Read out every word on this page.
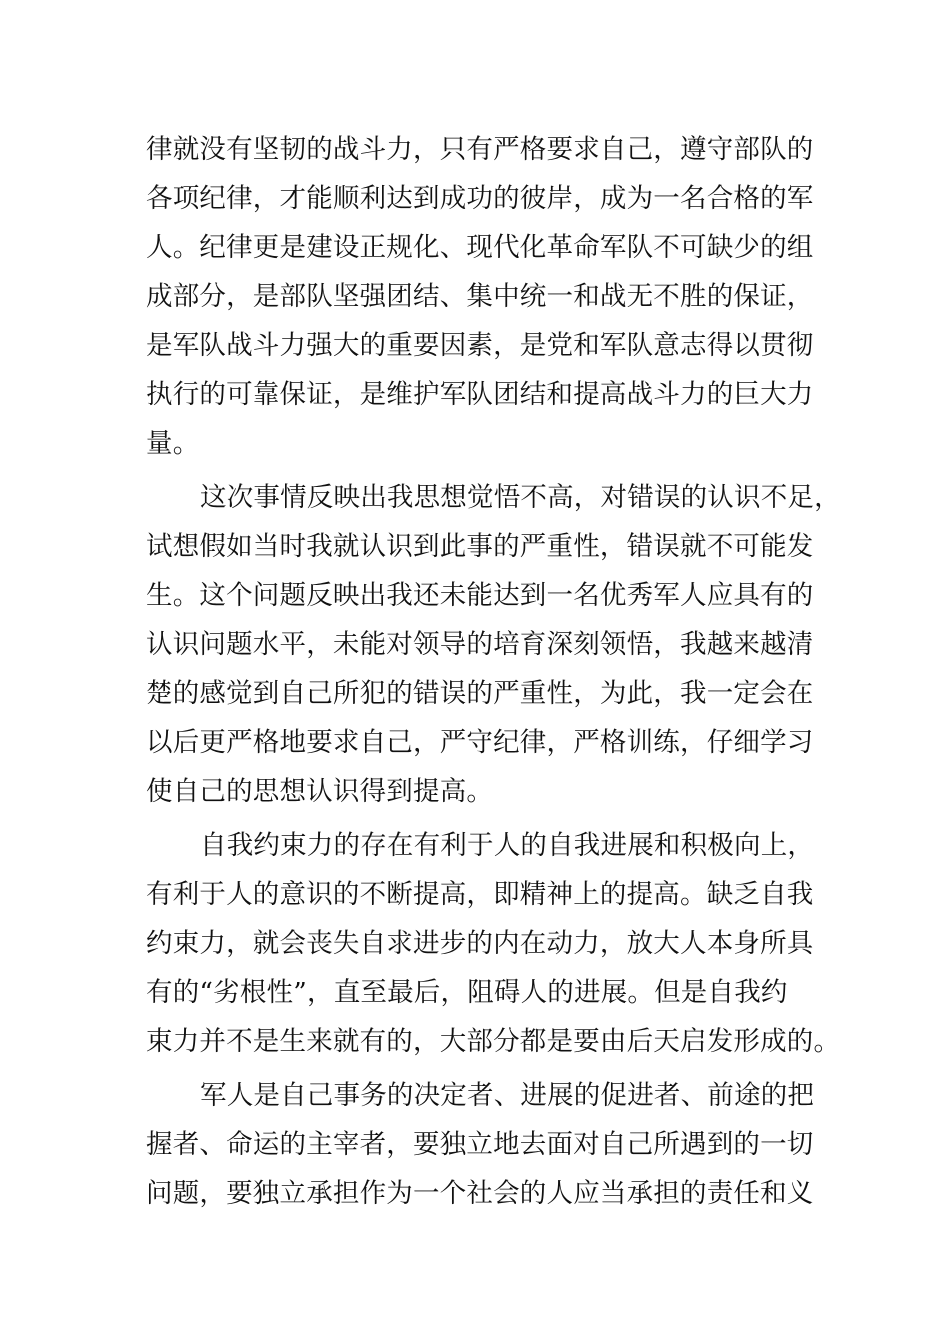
律就没有坚韧的战斗力，只有严格要求自己，遵守部队的
各项纪律，才能顺利达到成功的彼岸，成为一名合格的军
人。纪律更是建设正规化、现代化革命军队不可缺少的组
成部分，是部队坚强团结、集中统一和战无不胜的保证，
是军队战斗力强大的重要因素，是党和军队意志得以贯彻
执行的可靠保证，是维护军队团结和提高战斗力的巨大力
量。
这次事情反映出我思想觉悟不高，对错误的认识不足，
试想假如当时我就认识到此事的严重性，错误就不可能发
生。这个问题反映出我还未能达到一名优秀军人应具有的
认识问题水平，未能对领导的培育深刻领悟，我越来越清
楚的感觉到自己所犯的错误的严重性，为此，我一定会在
以后更严格地要求自己，严守纪律，严格训练，仔细学习
使自己的思想认识得到提高。
自我约束力的存在有利于人的自我进展和积极向上，
有利于人的意识的不断提高，即精神上的提高。缺乏自我
约束力，就会丧失自求进步的内在动力，放大人本身所具
有的“劣根性”，直至最后，阻碍人的进展。但是自我约
束力并不是生来就有的，大部分都是要由后天启发形成的。
军人是自己事务的决定者、进展的促进者、前途的把
握者、命运的主宰者，要独立地去面对自己所遇到的一切
问题，要独立承担作为一个社会的人应当承担的责任和义
